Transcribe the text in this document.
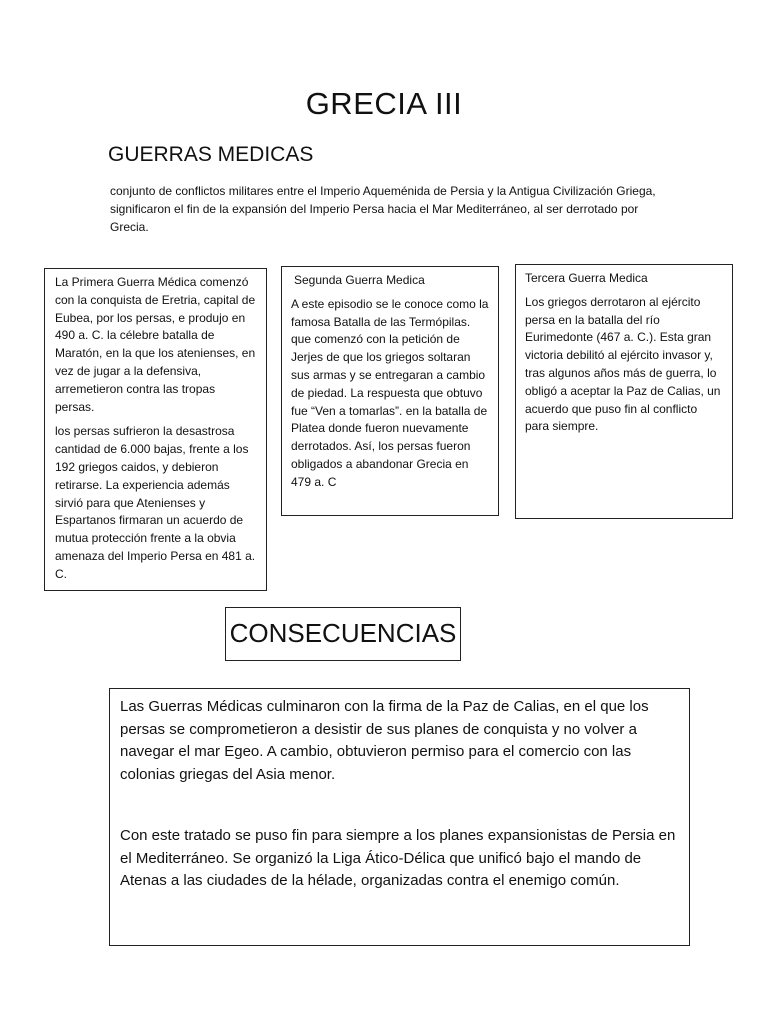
GRECIA III
GUERRAS MEDICAS
conjunto de conflictos militares entre el Imperio Aqueménida de Persia y la Antigua Civilización Griega, significaron el fin de la expansión del Imperio Persa hacia el Mar Mediterráneo, al ser derrotado por Grecia.

La Primera Guerra Médica comenzó con la conquista de Eretria, capital de Eubea, por los persas, e produjo en 490 a. C. la célebre batalla de Maratón, en la que los atenienses, en vez de jugar a la defensiva, arremetieron contra las tropas persas.

los persas sufrieron la desastrosa cantidad de 6.000 bajas, frente a los 192 griegos caidos, y debieron retirarse. La experiencia además sirvió para que Atenienses y Espartanos firmaran un acuerdo de mutua protección frente a la obvia amenaza del Imperio Persa en 481 a. C.

Segunda Guerra Medica

A este episodio se le conoce como la famosa Batalla de las Termópilas. que comenzó con la petición de Jerjes de que los griegos soltaran sus armas y se entregaran a cambio de piedad. La respuesta que obtuvo fue “Ven a tomarlas”. en la batalla de Platea donde fueron nuevamente derrotados. Así, los persas fueron obligados a abandonar Grecia en 479 a. C

Tercera Guerra Medica

Los griegos derrotaron al ejército persa en la batalla del río Eurimedonte (467 a. C.). Esta gran victoria debilitó al ejército invasor y, tras algunos años más de guerra, lo obligó a aceptar la Paz de Calias, un acuerdo que puso fin al conflicto para siempre.

CONSECUENCIAS

Las Guerras Médicas culminaron con la firma de la Paz de Calias, en el que los persas se comprometieron a desistir de sus planes de conquista y no volver a navegar el mar Egeo. A cambio, obtuvieron permiso para el comercio con las colonias griegas del Asia menor.

Con este tratado se puso fin para siempre a los planes expansionistas de Persia en el Mediterráneo. Se organizó la Liga Ático-Délica que unificó bajo el mando de Atenas a las ciudades de la hélade, organizadas contra el enemigo común.
